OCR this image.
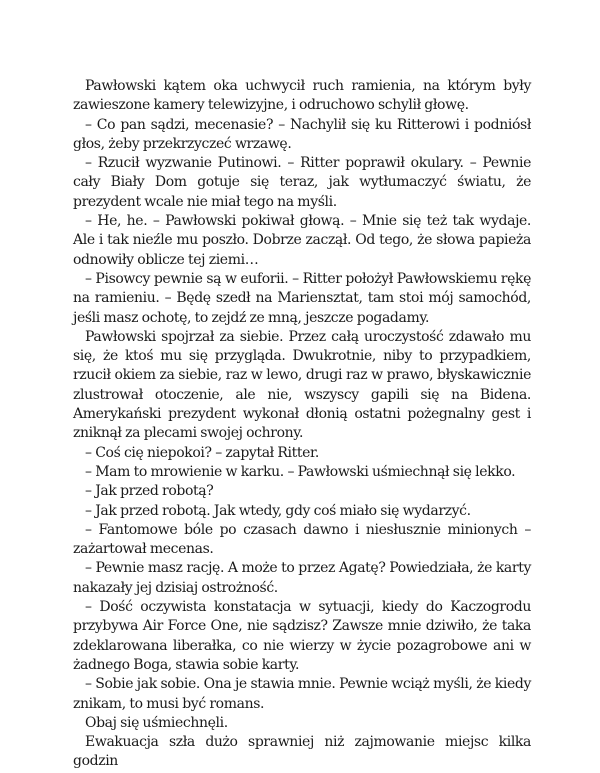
Pawłowski kątem oka uchwycił ruch ramienia, na którym były zawieszone kamery telewizyjne, i odruchowo schylił głowę.

– Co pan sądzi, mecenasie? – Nachylił się ku Ritterowi i podniósł głos, żeby przekrzyczeć wrzawę.

– Rzucił wyzwanie Putinowi. – Ritter poprawił okulary. – Pewnie cały Biały Dom gotuje się teraz, jak wytłumaczyć światu, że prezydent wcale nie miał tego na myśli.

– He, he. – Pawłowski pokiwał głową. – Mnie się też tak wydaje. Ale i tak nieźle mu poszło. Dobrze zaczął. Od tego, że słowa papieża odnowiły oblicze tej ziemi…

– Pisowcy pewnie są w euforii. – Ritter położył Pawłowskiemu rękę na ramieniu. – Będę szedł na Mariensztat, tam stoi mój samochód, jeśli masz ochotę, to zejdź ze mną, jeszcze pogadamy.

Pawłowski spojrzał za siebie. Przez całą uroczystość zdawało mu się, że ktoś mu się przygląda. Dwukrotnie, niby to przypadkiem, rzucił okiem za siebie, raz w lewo, drugi raz w prawo, błyskawicznie zlustrował otoczenie, ale nie, wszyscy gapili się na Bidena. Amerykański prezydent wykonał dłonią ostatni pożegnalny gest i zniknął za plecami swojej ochrony.

– Coś cię niepokoi? – zapytał Ritter.

– Mam to mrowienie w karku. – Pawłowski uśmiechnął się lekko.

– Jak przed robotą?

– Jak przed robotą. Jak wtedy, gdy coś miało się wydarzyć.

– Fantomowe bóle po czasach dawno i niesłusznie minionych – zażartował mecenas.

– Pewnie masz rację. A może to przez Agatę? Powiedziała, że karty nakazały jej dzisiaj ostrożność.

– Dość oczywista konstatacja w sytuacji, kiedy do Kaczogrodu przybywa Air Force One, nie sądzisz? Zawsze mnie dziwiło, że taka zdeklarowana liberałka, co nie wierzy w życie pozagrobowe ani w żadnego Boga, stawia sobie karty.

– Sobie jak sobie. Ona je stawia mnie. Pewnie wciąż myśli, że kiedy znikam, to musi być romans.

Obaj się uśmiechnęli.

Ewakuacja szła dużo sprawniej niż zajmowanie miejsc kilka godzin
